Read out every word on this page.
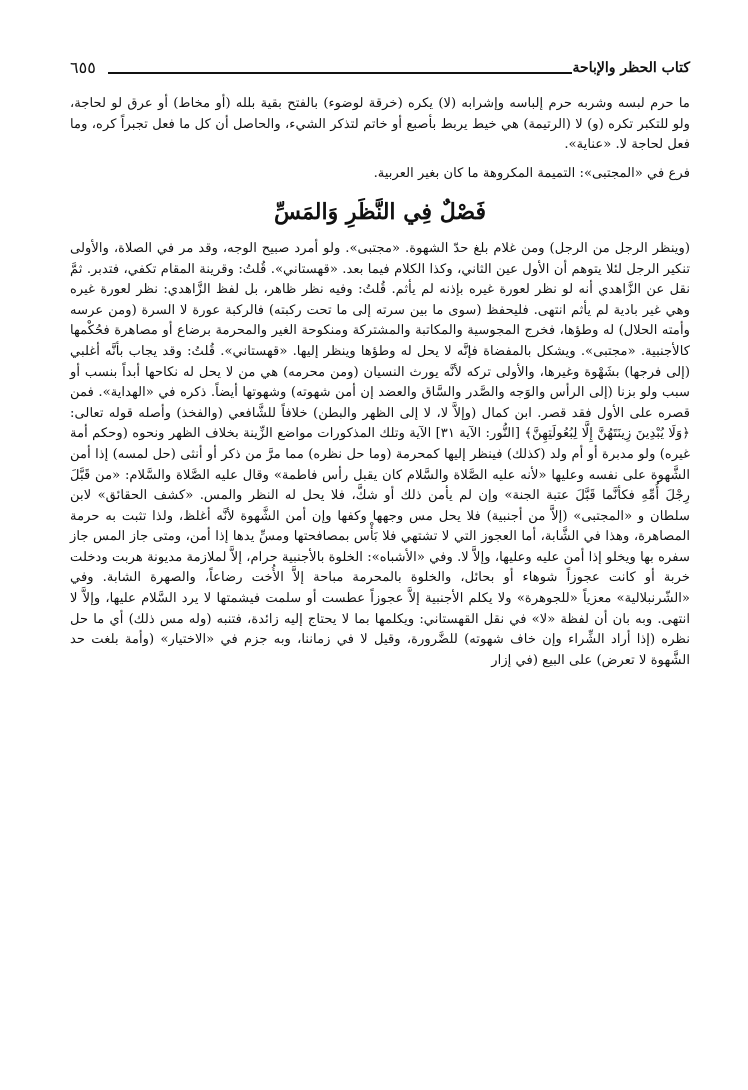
كتاب الحظر والإباحة
٦٥٥

ما حرم لبسه وشربه حرم إلباسه وإشرابه (لا) يكره (خرقة لوضوء) بالفتح بقية بلله (أو مخاط) أو عرق لو لحاجة، ولو للتكبر تكره (و) لا (الرتيمة) هي خيط يربط بأصبع أو خاتم لتذكر الشيء، والحاصل أن كل ما فعل تجبراً كره، وما فعل لحاجة لا. «عناية».

فرع في «المجتبى»: التميمة المكروهة ما كان بغير العربية.

فَصْلٌ فِي النَّظَرِ وَالمَسِّ

(وينظر الرجل من الرجل) ومن غلام بلغ حدّ الشهوة. «مجتبى». ولو أمرد صبيح الوجه، وقد مر في الصلاة، والأولى تنكير الرجل لئلا يتوهم أن الأول عين الثاني، وكذا الكلام فيما بعد. «قهستاني». قُلتُ: وقرينة المقام تكفي، فتدبر. ثمَّ نقل عن الزَّاهدي أنه لو نظر لعورة غيره بإذنه لم يأثم. قُلتُ: وفيه نظر ظاهر، بل لفظ الزَّاهدي: نظر لعورة غيره وهي غير بادية لم يأثم انتهى. فليحفظ (سوى ما بين سرته إلى ما تحت ركبته) فالركبة عورة لا السرة (ومن عرسه وأمته الحلال) له وطؤها، فخرج المجوسية والمكاتبة والمشتركة ومنكوحة الغير والمحرمة برضاع أو مصاهرة فحُكْمها كالأجنبية. «مجتبى». ويشكل بالمفضاة فإنَّه لا يحل له وطؤها وينظر إليها. «قهستاني». قُلتُ: وقد يجاب بأنَّه أغلبي (إلى فرجها) بشَهْوة وغيرها، والأولى تركه لأنَّه يورث النسيان (ومن محرمه) هي من لا يحل له نكاحها أبداً بنسب أو سبب ولو بزنا (إلى الرأس والوَجه والصَّدر والسَّاق والعضد إن أمن شهوته) وشهوتها أيضاً. ذكره في «الهداية». فمن قصره على الأول فقد قصر. ابن كمال (وإلاَّ لا، لا إلى الظهر والبطن) خلافاً للشَّافعي (والفخذ) وأصله قوله تعالى: ﴿وَلَا يُبْدِينَ زِينَتَهُنَّ إِلَّا لِبُعُولَتِهِنَّ﴾ [النُّور: الآية ٣١] الآية وتلك المذكورات مواضع الزِّينة بخلاف الظهر ونحوه (وحكم أمة غيره) ولو مدبرة أو أم ولد (كذلك) فينظر إليها كمحرمة (وما حل نظره) مما مرَّ من ذكر أو أنثى (حل لمسه) إذا أمن الشَّهوة على نفسه وعليها «لأنه عليه الصَّلاة والسَّلام كان يقبل رأس فاطمة» وقال عليه الصَّلاة والسَّلام: «من قَبَّلَ رِجْلَ أُمِّهِ فكأنَّما قَبَّلَ عتبة الجنة» وإن لم يأمن ذلك أو شكَّ، فلا يحل له النظر والمس. «كشف الحقائق» لابن سلطان و «المجتبى» (إلاَّ من أجنبية) فلا يحل مس وجهها وكفها وإن أمن الشَّهوة لأنَّه أغلظ، ولذا تثبت به حرمة المصاهرة، وهذا في الشَّابة، أما العجوز التي لا تشتهي فلا بَأْس بمصافحتها ومسِّ يدها إذا أمن، ومتى جاز المس جاز سفره بها ويخلو إذا أمن عليه وعليها، وإلاَّ لا. وفي «الأشباه»: الخلوة بالأجنبية حرام، إلاَّ لملازمة مديونة هربت ودخلت خربة أو كانت عجوزاً شوهاء أو بحائل، والخلوة بالمحرمة مباحة إلاَّ الأُخت رضاعاً، والصهرة الشابة. وفي «الشّرنبلالية» معزياً «للجوهرة» ولا يكلم الأجنبية إلاَّ عجوزاً عطست أو سلمت فيشمتها لا يرد السَّلام عليها، وإلاَّ لا انتهى. وبه بان أن لفظة «لا» في نقل القهستاني: ويكلمها بما لا يحتاج إليه زائدة، فتنبه (وله مس ذلك) أي ما حل نظره (إذا أراد الشِّراء وإن خاف شهوته) للضَّرورة، وقيل لا في زماننا، وبه جزم في «الاختيار» (وأمة بلغت حد الشَّهوة لا تعرض) على البيع (في إزار
